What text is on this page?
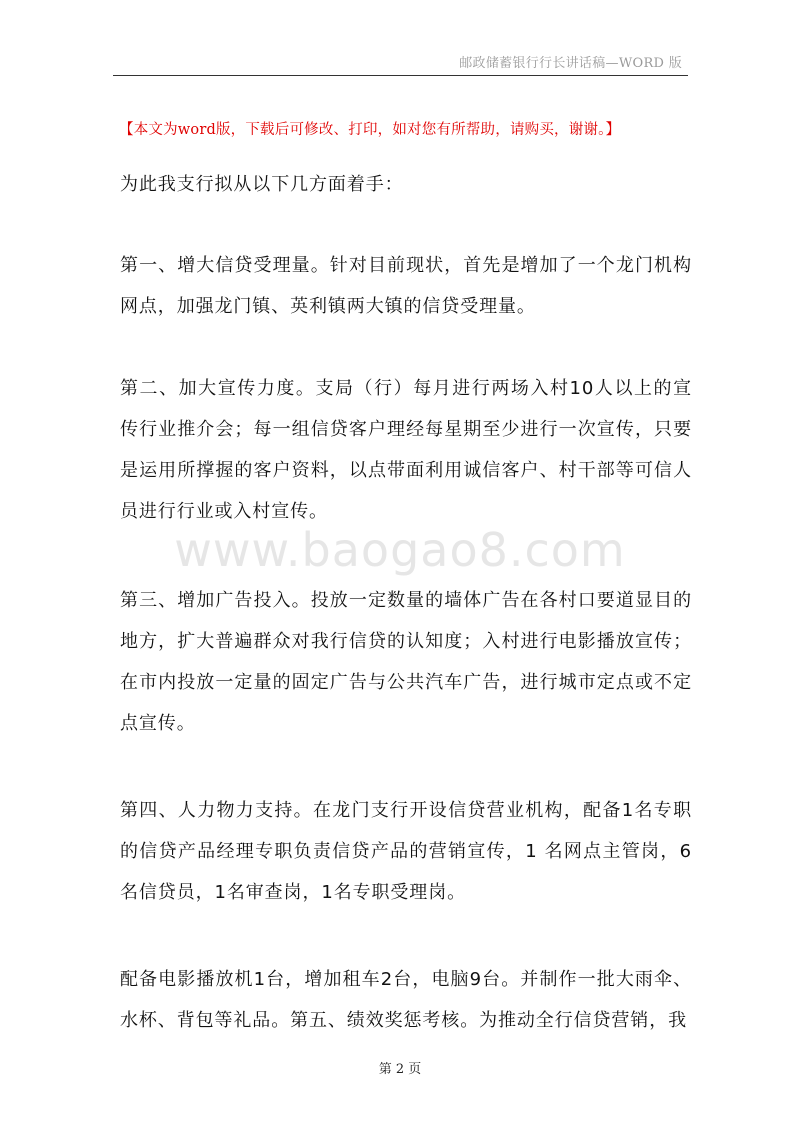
邮政储蓄银行行长讲话稿—WORD 版
【本文为word版，下载后可修改、打印，如对您有所帮助，请购买，谢谢。】
www.baogao8.com
为此我支行拟从以下几方面着手：
第一、增大信贷受理量。针对目前现状，首先是增加了一个龙门机构网点，加强龙门镇、英利镇两大镇的信贷受理量。
第二、加大宣传力度。支局（行）每月进行两场入村10人以上的宣传行业推介会；每一组信贷客户理经每星期至少进行一次宣传，只要是运用所撑握的客户资料，以点带面利用诚信客户、村干部等可信人员进行行业或入村宣传。
第三、增加广告投入。投放一定数量的墙体广告在各村口要道显目的地方，扩大普遍群众对我行信贷的认知度；入村进行电影播放宣传；在市内投放一定量的固定广告与公共汽车广告，进行城市定点或不定点宣传。
第四、人力物力支持。在龙门支行开设信贷营业机构，配备1名专职的信贷产品经理专职负责信贷产品的营销宣传，1 名网点主管岗，6名信贷员，1名审查岗，1名专职受理岗。
配备电影播放机1台，增加租车2台，电脑9台。并制作一批大雨伞、水杯、背包等礼品。第五、绩效奖惩考核。为推动全行信贷营销，我
第 2 页
